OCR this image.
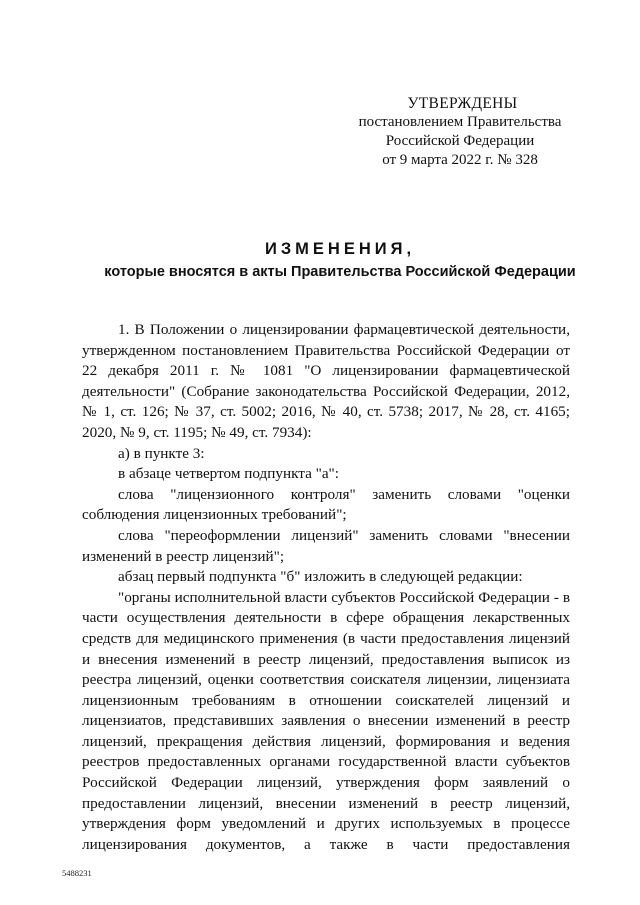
УТВЕРЖДЕНЫ
постановлением Правительства
Российской Федерации
от 9 марта 2022 г. № 328
ИЗМЕНЕНИЯ,
которые вносятся в акты Правительства Российской Федерации

1. В Положении о лицензировании фармацевтической деятельности, утвержденном постановлением Правительства Российской Федерации от 22 декабря 2011 г. № 1081 "О лицензировании фармацевтической деятельности" (Собрание законодательства Российской Федерации, 2012, № 1, ст. 126; № 37, ст. 5002; 2016, № 40, ст. 5738; 2017, № 28, ст. 4165; 2020, № 9, ст. 1195; № 49, ст. 7934):

а) в пункте 3:

в абзаце четвертом подпункта "а":

слова "лицензионного контроля" заменить словами "оценки соблюдения лицензионных требований";

слова "переоформлении лицензий" заменить словами "внесении изменений в реестр лицензий";

абзац первый подпункта "б" изложить в следующей редакции:

"органы исполнительной власти субъектов Российской Федерации - в части осуществления деятельности в сфере обращения лекарственных средств для медицинского применения (в части предоставления лицензий и внесения изменений в реестр лицензий, предоставления выписок из реестра лицензий, оценки соответствия соискателя лицензии, лицензиата лицензионным требованиям в отношении соискателей лицензий и лицензиатов, представивших заявления о внесении изменений в реестр лицензий, прекращения действия лицензий, формирования и ведения реестров предоставленных органами государственной власти субъектов Российской Федерации лицензий, утверждения форм заявлений о предоставлении лицензий, внесении изменений в реестр лицензий, утверждения форм уведомлений и других используемых в процессе лицензирования документов, а также в части предоставления

5488231
